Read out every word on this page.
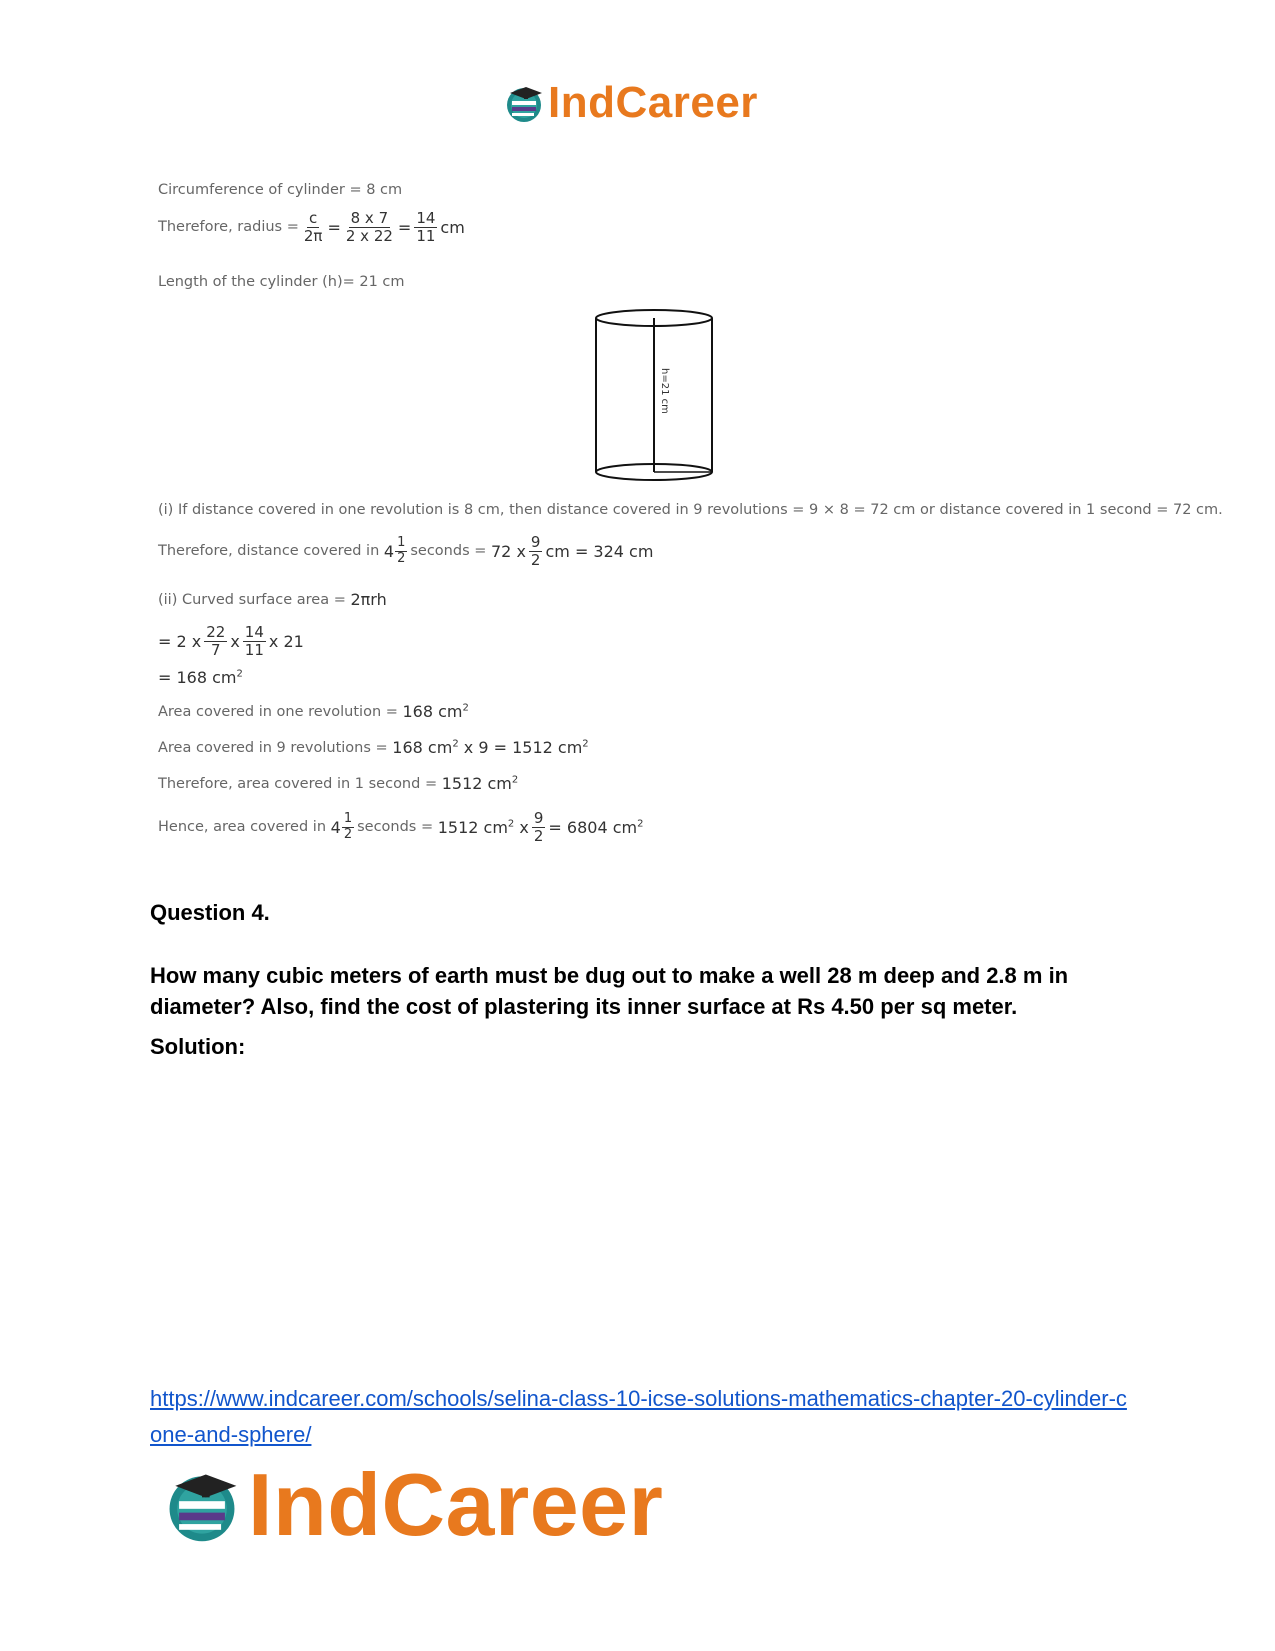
IndCareer
Circumference of cylinder = 8 cm
Therefore, radius = $\frac{c}{2\pi} = \frac{8 x 7}{2 x 22} = \frac{14}{11}$ cm
Length of the cylinder (h)= 21 cm
(i) If distance covered in one revolution is 8 cm, then distance covered in 9 revolutions = 9 × 8 = 72 cm or distance covered in 1 second = 72 cm.
Therefore, distance covered in
$4 \frac{1}{2}$ seconds =
72 x $\frac{9}{2}$ cm = 324 cm
(ii) Curved surface area =
2πrh
= 2 x $\frac{22}{7}$ x $\frac{14}{11}$ x 21
= 168 $cm^2$
Area covered in one revolution =
168 $cm^2$
Area covered in 9 revolutions =
168 $cm^2$ x 9 = 1512 $cm^2$
Therefore, area covered in 1 second =
1512 $cm^2$
Hence, area covered in
$4 \frac{1}{2}$ seconds =
1512 $cm^2$ x $\frac{9}{2} = 6804$ $cm^2$
h=21 cm
Question 4.
How many cubic meters of earth must be dug out to make a well 28 m deep and 2.8 m in diameter? Also, find the cost of plastering its inner surface at Rs 4.50 per sq meter.
Solution:
https://www.indcareer.com/schools/selina-class-10-icse-solutions-mathematics-chapter-20-cylinder-cone-and-sphere/
IndCareer
